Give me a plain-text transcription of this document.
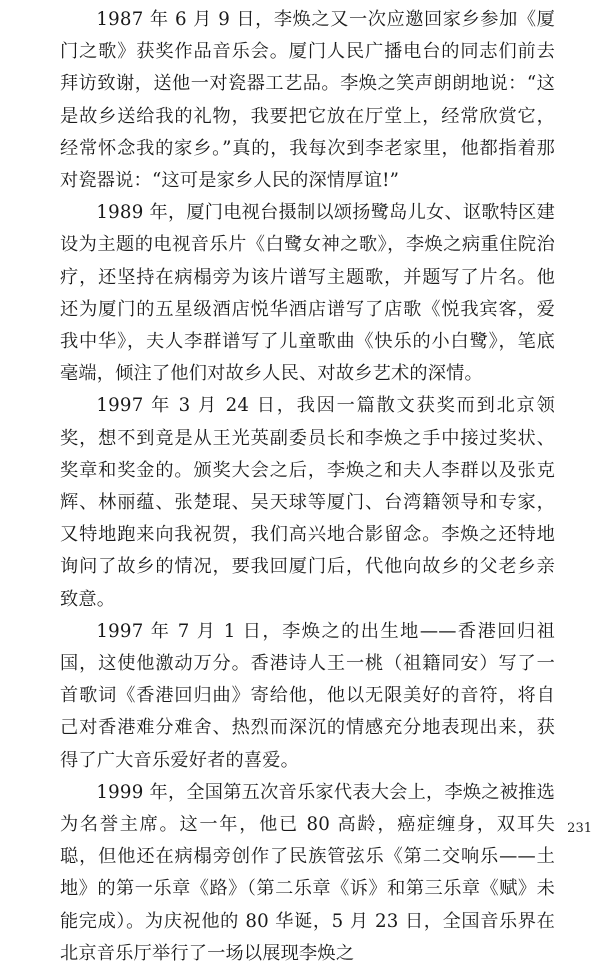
1987 年 6 月 9 日，李焕之又一次应邀回家乡参加《厦门之歌》获奖作品音乐会。厦门人民广播电台的同志们前去拜访致谢，送他一对瓷器工艺品。李焕之笑声朗朗地说：“这是故乡送给我的礼物，我要把它放在厅堂上，经常欣赏它，经常怀念我的家乡。”真的，我每次到李老家里，他都指着那对瓷器说：“这可是家乡人民的深情厚谊!”

1989 年，厦门电视台摄制以颂扬鹭岛儿女、讴歌特区建设为主题的电视音乐片《白鹭女神之歌》，李焕之病重住院治疗，还坚持在病榻旁为该片谱写主题歌，并题写了片名。他还为厦门的五星级酒店悦华酒店谱写了店歌《悦我宾客，爱我中华》，夫人李群谱写了儿童歌曲《快乐的小白鹭》，笔底毫端，倾注了他们对故乡人民、对故乡艺术的深情。

1997 年 3 月 24 日，我因一篇散文获奖而到北京领奖，想不到竟是从王光英副委员长和李焕之手中接过奖状、奖章和奖金的。颁奖大会之后，李焕之和夫人李群以及张克辉、林丽蕴、张楚琨、吴天球等厦门、台湾籍领导和专家，又特地跑来向我祝贺，我们高兴地合影留念。李焕之还特地询问了故乡的情况，要我回厦门后，代他向故乡的父老乡亲致意。

1997 年 7 月 1 日，李焕之的出生地——香港回归祖国，这使他激动万分。香港诗人王一桃（祖籍同安）写了一首歌词《香港回归曲》寄给他，他以无限美好的音符，将自己对香港难分难舍、热烈而深沉的情感充分地表现出来，获得了广大音乐爱好者的喜爱。

1999 年，全国第五次音乐家代表大会上，李焕之被推选为名誉主席。这一年，他已 80 高龄，癌症缠身，双耳失聪，但他还在病榻旁创作了民族管弦乐《第二交响乐——土地》的第一乐章《路》（第二乐章《诉》和第三乐章《赋》未能完成）。为庆祝他的 80 华诞，5 月 23 日，全国音乐界在北京音乐厅举行了一场以展现李焕之

231
